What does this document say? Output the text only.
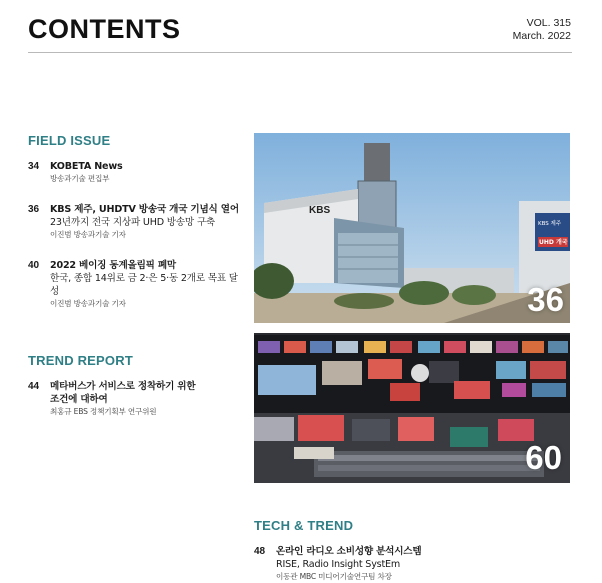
CONTENTS	VOL. 315
March. 2022
FIELD ISSUE
34 KOBETA News
방송과기술 편집부
36 KBS 제주, UHDTV 방송국 개국 기념식 열어
23년까지 전국 지상파 UHD 방송망 구축
이진범 방송과기술 기자
40 2022 베이징 동계올림픽 폐막
한국, 종합 14위로 금 2·은 5·동 2개로 목표 달성
이진범 방송과기술 기자
TREND REPORT
44 메타버스가 서비스로 정착하기 위한
조건에 대하여
최홍규 EBS 정책기획부 연구위원
KBS
KBS 제주
UHD 개국
36
60
TECH & TREND
48 온라인 라디오 소비성향 분석시스템
RISE, Radio Insight SystEm
이동관 MBC 미디어기술연구팀 차장
